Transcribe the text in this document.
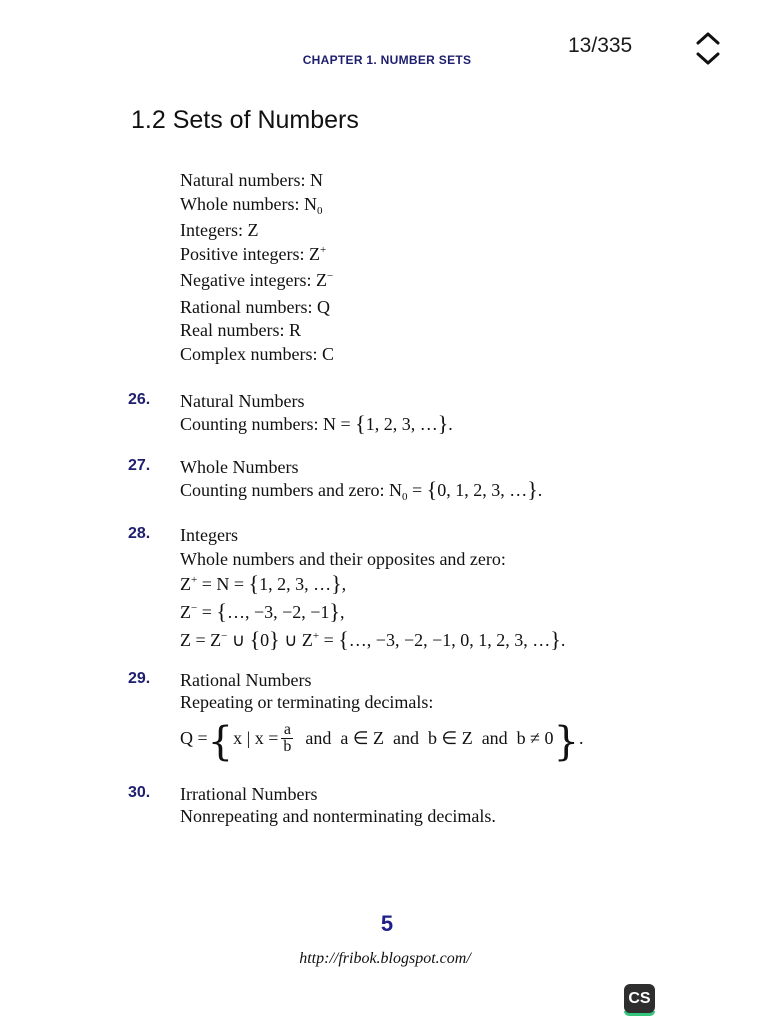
13/335
CHAPTER 1. NUMBER SETS
1.2 Sets of Numbers
Natural numbers: N
Whole numbers: $N_0$
Integers: Z
Positive integers: Z+
Negative integers: Z−
Rational numbers: Q
Real numbers: R
Complex numbers: C
26. Natural Numbers
Counting numbers: N = {1, 2, 3, …}.
27. Whole Numbers
Counting numbers and zero: $N_0 = \{0$, 1, 2, 3, …}.
28. Integers
Whole numbers and their opposites and zero:
Z+ = N = {1, 2, 3, …},
Z− = {…, −3, −2, −1},
Z = Z− ∪ {0} ∪ Z+ = {…, −3, −2, −1, 0, 1, 2, 3, …}.
29. Rational Numbers
Repeating or terminating decimals:
Q = { x | $x = \frac{a}{b}$ and  a ∈ Z  and  b ∈ Z  and  b ≠ 0 } .
30. Irrational Numbers
Nonrepeating and nonterminating decimals.
5
http://fribok.blogspot.com/
CS
